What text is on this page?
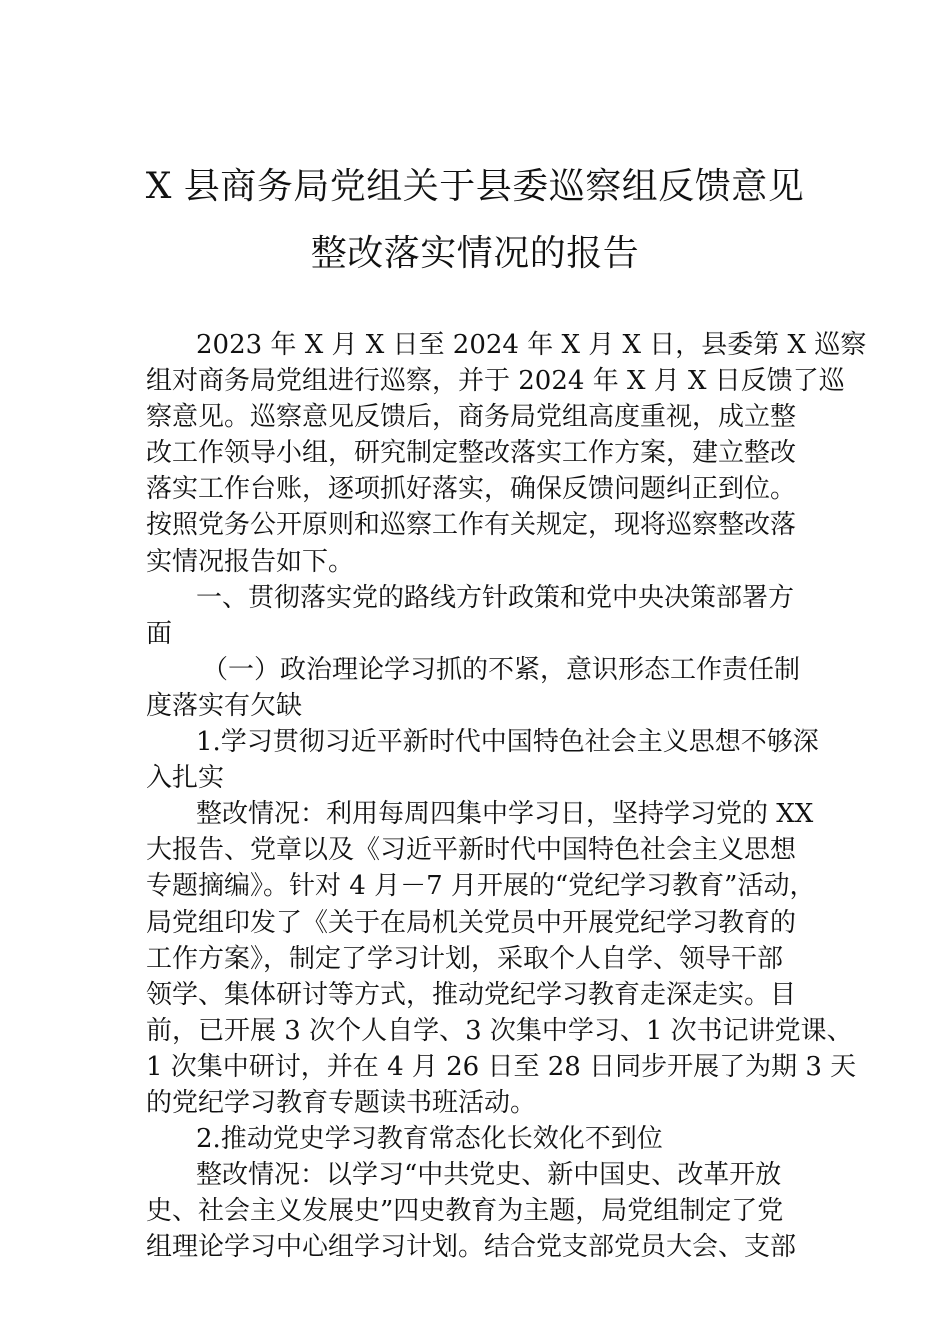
X 县商务局党组关于县委巡察组反馈意见
整改落实情况的报告
2023 年 X 月 X 日至 2024 年 X 月 X 日，县委第 X 巡察
组对商务局党组进行巡察，并于 2024 年 X 月 X 日反馈了巡
察意见。巡察意见反馈后，商务局党组高度重视，成立整
改工作领导小组，研究制定整改落实工作方案，建立整改
落实工作台账，逐项抓好落实，确保反馈问题纠正到位。
按照党务公开原则和巡察工作有关规定，现将巡察整改落
实情况报告如下。
一、贯彻落实党的路线方针政策和党中央决策部署方
面
（一）政治理论学习抓的不紧，意识形态工作责任制
度落实有欠缺
1.学习贯彻习近平新时代中国特色社会主义思想不够深
入扎实
整改情况：利用每周四集中学习日，坚持学习党的 XX
大报告、党章以及《习近平新时代中国特色社会主义思想
专题摘编》。针对 4 月－7 月开展的“党纪学习教育”活动，
局党组印发了《关于在局机关党员中开展党纪学习教育的
工作方案》，制定了学习计划，采取个人自学、领导干部
领学、集体研讨等方式，推动党纪学习教育走深走实。目
前，已开展 3 次个人自学、3 次集中学习、1 次书记讲党课、
1 次集中研讨，并在 4 月 26 日至 28 日同步开展了为期 3 天
的党纪学习教育专题读书班活动。
2.推动党史学习教育常态化长效化不到位
整改情况：以学习“中共党史、新中国史、改革开放
史、社会主义发展史”四史教育为主题，局党组制定了党
组理论学习中心组学习计划。结合党支部党员大会、支部
